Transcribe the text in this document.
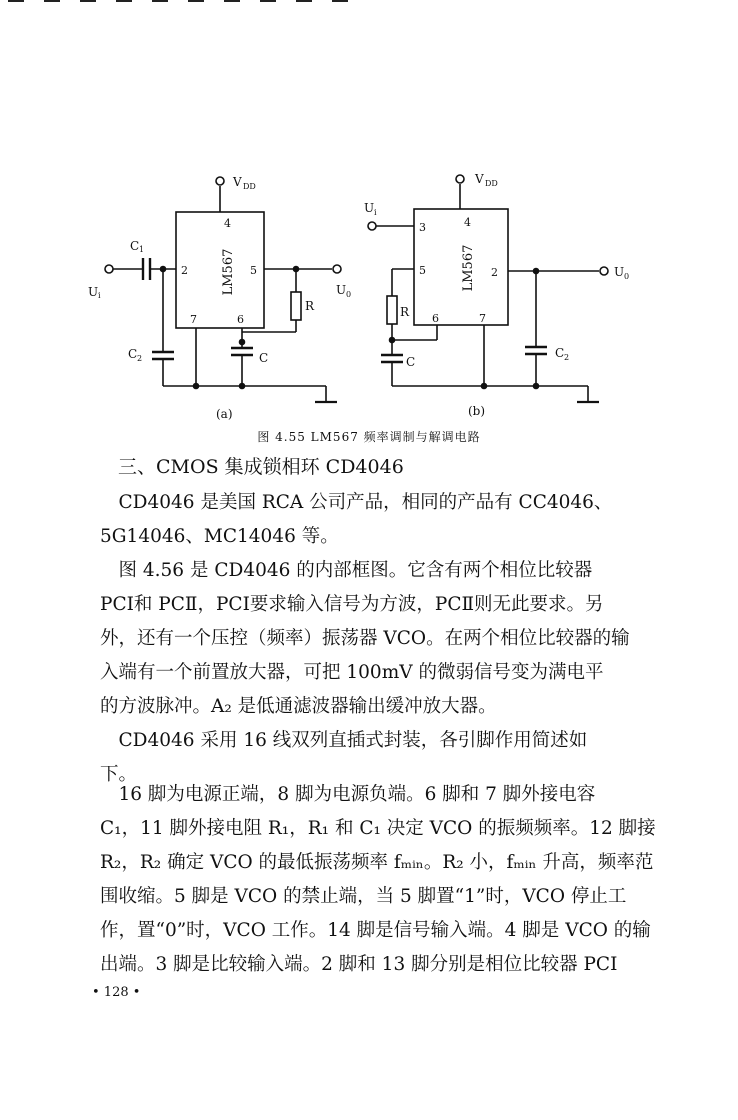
LM567
V DD
4
C 1
U i
2
C 2
5
U 0
R
6
C
7
(a)
LM567
V DD
4
U i
3
5
R 6
C
7
2	U 0
C 2
(b)
图 4.55 LM567 频率调制与解调电路
三、CMOS 集成锁相环 CD4046
　CD4046 是美国 RCA 公司产品，相同的产品有 CC4046、
5G14046、MC14046 等。
　图 4.56 是 CD4046 的内部框图。它含有两个相位比较器
PCⅠ和 PCⅡ，PCⅠ要求输入信号为方波，PCⅡ则无此要求。另
外，还有一个压控（频率）振荡器 VCO。在两个相位比较器的输
入端有一个前置放大器，可把 100mV 的微弱信号变为满电平
的方波脉冲。A₂ 是低通滤波器输出缓冲放大器。
　CD4046 采用 16 线双列直插式封装，各引脚作用简述如
下。
　16 脚为电源正端，8 脚为电源负端。6 脚和 7 脚外接电容
C₁，11 脚外接电阻 R₁，R₁ 和 C₁ 决定 VCO 的振频频率。12 脚接
R₂，R₂ 确定 VCO 的最低振荡频率 fₘᵢₙ。R₂ 小，fₘᵢₙ 升高，频率范
围收缩。5 脚是 VCO 的禁止端，当 5 脚置“1”时，VCO 停止工
作，置“0”时，VCO 工作。14 脚是信号输入端。4 脚是 VCO 的输
出端。3 脚是比较输入端。2 脚和 13 脚分别是相位比较器 PCⅠ
• 128 •
